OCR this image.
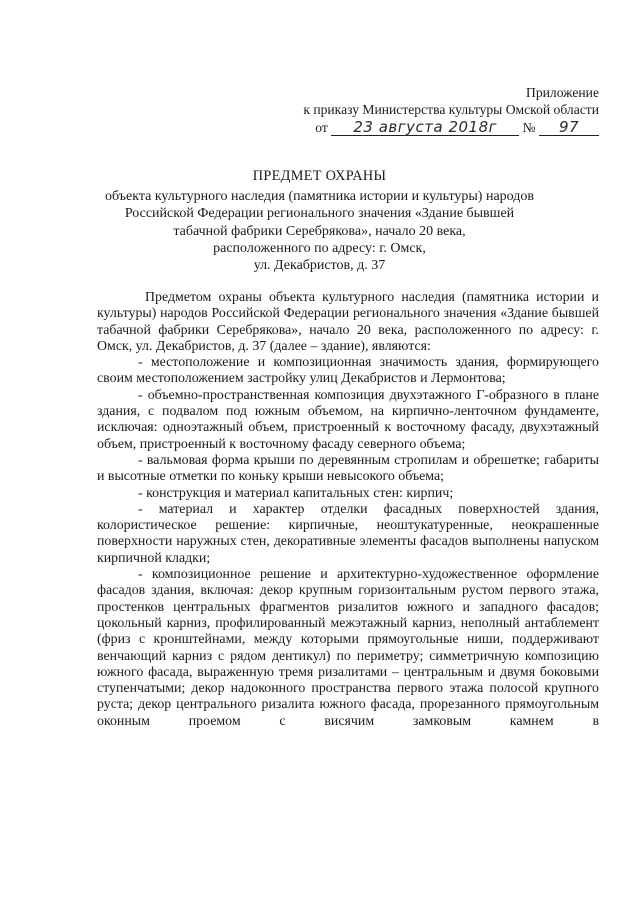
Приложение
к приказу Министерства культуры Омской области
от 23 августа 2018г № 97
ПРЕДМЕТ ОХРАНЫ
объекта культурного наследия (памятника истории и культуры) народов
Российской Федерации регионального значения «Здание бывшей
табачной фабрики Серебрякова», начало 20 века,
расположенного по адресу: г. Омск,
ул. Декабристов, д. 37

Предметом охраны объекта культурного наследия (памятника истории и культуры) народов Российской Федерации регионального значения «Здание бывшей табачной фабрики Серебрякова», начало 20 века, расположенного по адресу: г. Омск, ул. Декабристов, д. 37 (далее – здание), являются:

- местоположение и композиционная значимость здания, формирующего своим местоположением застройку улиц Декабристов и Лермонтова;

- объемно-пространственная композиция двухэтажного Г-образного в плане здания, с подвалом под южным объемом, на кирпично-ленточном фундаменте, исключая: одноэтажный объем, пристроенный к восточному фасаду, двухэтажный объем, пристроенный к восточному фасаду северного объема;

- вальмовая форма крыши по деревянным стропилам и обрешетке; габариты и высотные отметки по коньку крыши невысокого объема;

- конструкция и материал капитальных стен: кирпич;

- материал и характер отделки фасадных поверхностей здания, колористическое решение: кирпичные, неоштукатуренные, неокрашенные поверхности наружных стен, декоративные элементы фасадов выполнены напуском кирпичной кладки;

- композиционное решение и архитектурно-художественное оформление фасадов здания, включая: декор крупным горизонтальным рустом первого этажа, простенков центральных фрагментов ризалитов южного и западного фасадов; цокольный карниз, профилированный межэтажный карниз, неполный антаблемент (фриз с кронштейнами, между которыми прямоугольные ниши, поддерживают венчающий карниз с рядом дентикул) по периметру; симметричную композицию южного фасада, выраженную тремя ризалитами – центральным и двумя боковыми ступенчатыми; декор надоконного пространства первого этажа полосой крупного руста; декор центрального ризалита южного фасада, прорезанного прямоугольным оконным проемом с висячим замковым камнем в
